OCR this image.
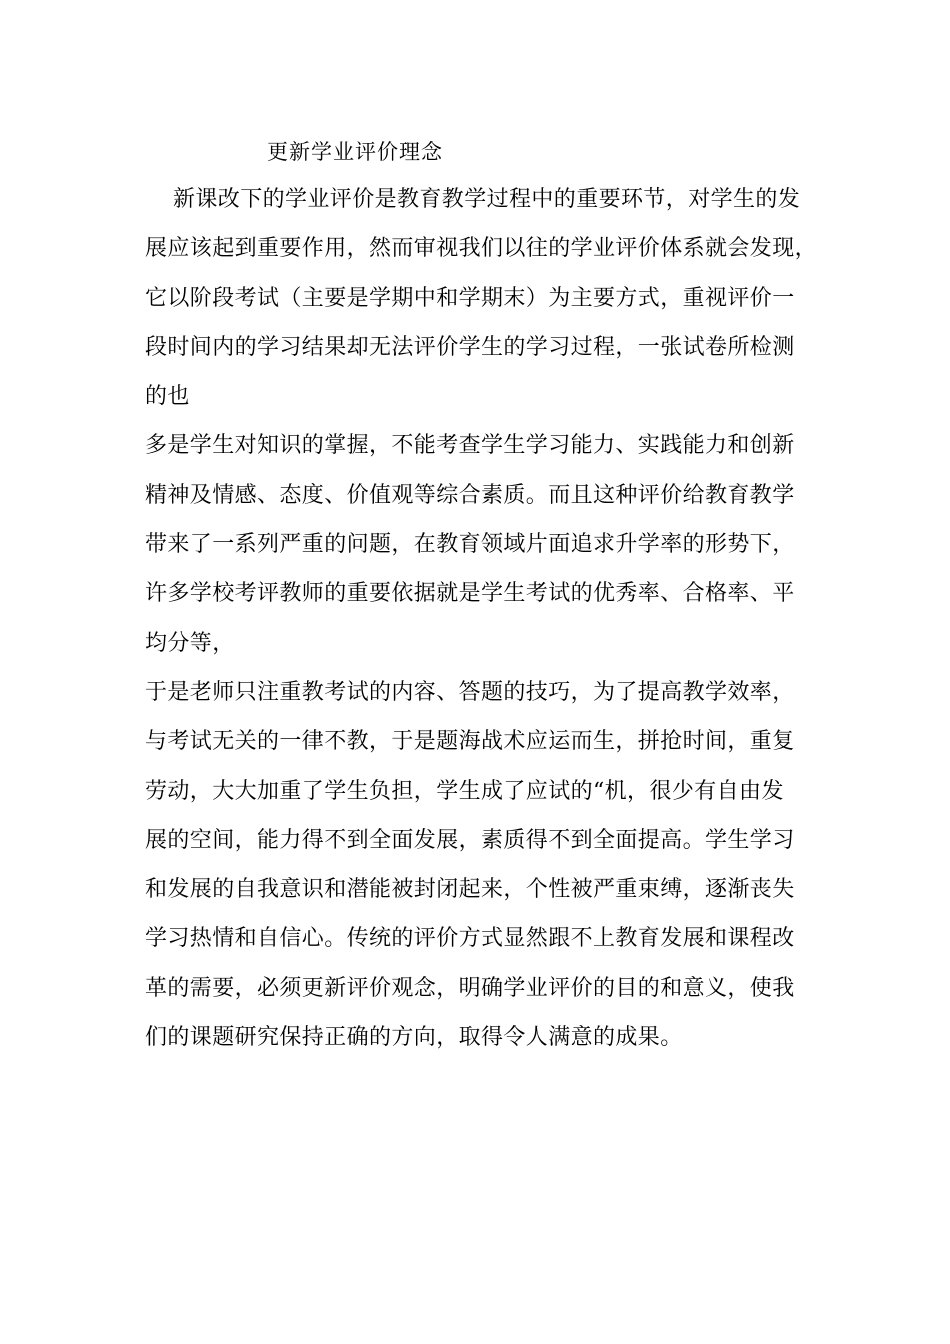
更新学业评价理念
新课改下的学业评价是教育教学过程中的重要环节，对学生的发
展应该起到重要作用，然而审视我们以往的学业评价体系就会发现，
它以阶段考试（主要是学期中和学期末）为主要方式，重视评价一
段时间内的学习结果却无法评价学生的学习过程，一张试卷所检测
的也
多是学生对知识的掌握，不能考查学生学习能力、实践能力和创新
精神及情感、态度、价值观等综合素质。而且这种评价给教育教学
带来了一系列严重的问题，在教育领域片面追求升学率的形势下，
许多学校考评教师的重要依据就是学生考试的优秀率、合格率、平
均分等，
于是老师只注重教考试的内容、答题的技巧，为了提高教学效率，
与考试无关的一律不教，于是题海战术应运而生，拼抢时间，重复
劳动，大大加重了学生负担，学生成了应试的“机，很少有自由发
展的空间，能力得不到全面发展，素质得不到全面提高。学生学习
和发展的自我意识和潜能被封闭起来，个性被严重束缚，逐渐丧失
学习热情和自信心。传统的评价方式显然跟不上教育发展和课程改
革的需要，必须更新评价观念，明确学业评价的目的和意义，使我
们的课题研究保持正确的方向，取得令人满意的成果。
